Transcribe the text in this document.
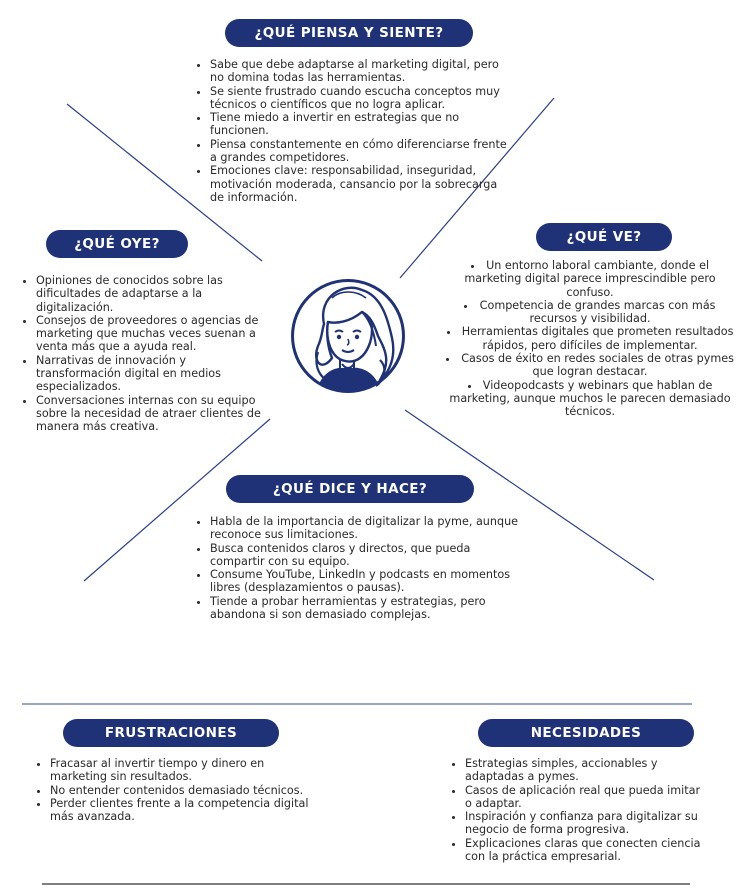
¿QUÉ PIENSA Y SIENTE?
• Sabe que debe adaptarse al marketing digital, pero no domina todas las herramientas.
• Se siente frustrado cuando escucha conceptos muy técnicos o científicos que no logra aplicar.
• Tiene miedo a invertir en estrategias que no funcionen.
• Piensa constantemente en cómo diferenciarse frente a grandes competidores.
• Emociones clave: responsabilidad, inseguridad, motivación moderada, cansancio por la sobrecarga de información.
¿QUÉ OYE?
• Opiniones de conocidos sobre las dificultades de adaptarse a la digitalización.
• Consejos de proveedores o agencias de marketing que muchas veces suenan a venta más que a ayuda real.
• Narrativas de innovación y transformación digital en medios especializados.
• Conversaciones internas con su equipo sobre la necesidad de atraer clientes de manera más creativa.
¿QUÉ VE?
• Un entorno laboral cambiante, donde el marketing digital parece imprescindible pero confuso.
• Competencia de grandes marcas con más recursos y visibilidad.
• Herramientas digitales que prometen resultados rápidos, pero difíciles de implementar.
• Casos de éxito en redes sociales de otras pymes que logran destacar.
• Videopodcasts y webinars que hablan de marketing, aunque muchos le parecen demasiado técnicos.
¿QUÉ DICE Y HACE?
• Habla de la importancia de digitalizar la pyme, aunque reconoce sus limitaciones.
• Busca contenidos claros y directos, que pueda compartir con su equipo.
• Consume YouTube, LinkedIn y podcasts en momentos libres (desplazamientos o pausas).
• Tiende a probar herramientas y estrategias, pero abandona si son demasiado complejas.
FRUSTRACIONES
• Fracasar al invertir tiempo y dinero en marketing sin resultados.
• No entender contenidos demasiado técnicos.
• Perder clientes frente a la competencia digital más avanzada.
NECESIDADES
• Estrategias simples, accionables y adaptadas a pymes.
• Casos de aplicación real que pueda imitar o adaptar.
• Inspiración y confianza para digitalizar su negocio de forma progresiva.
• Explicaciones claras que conecten ciencia con la práctica empresarial.
